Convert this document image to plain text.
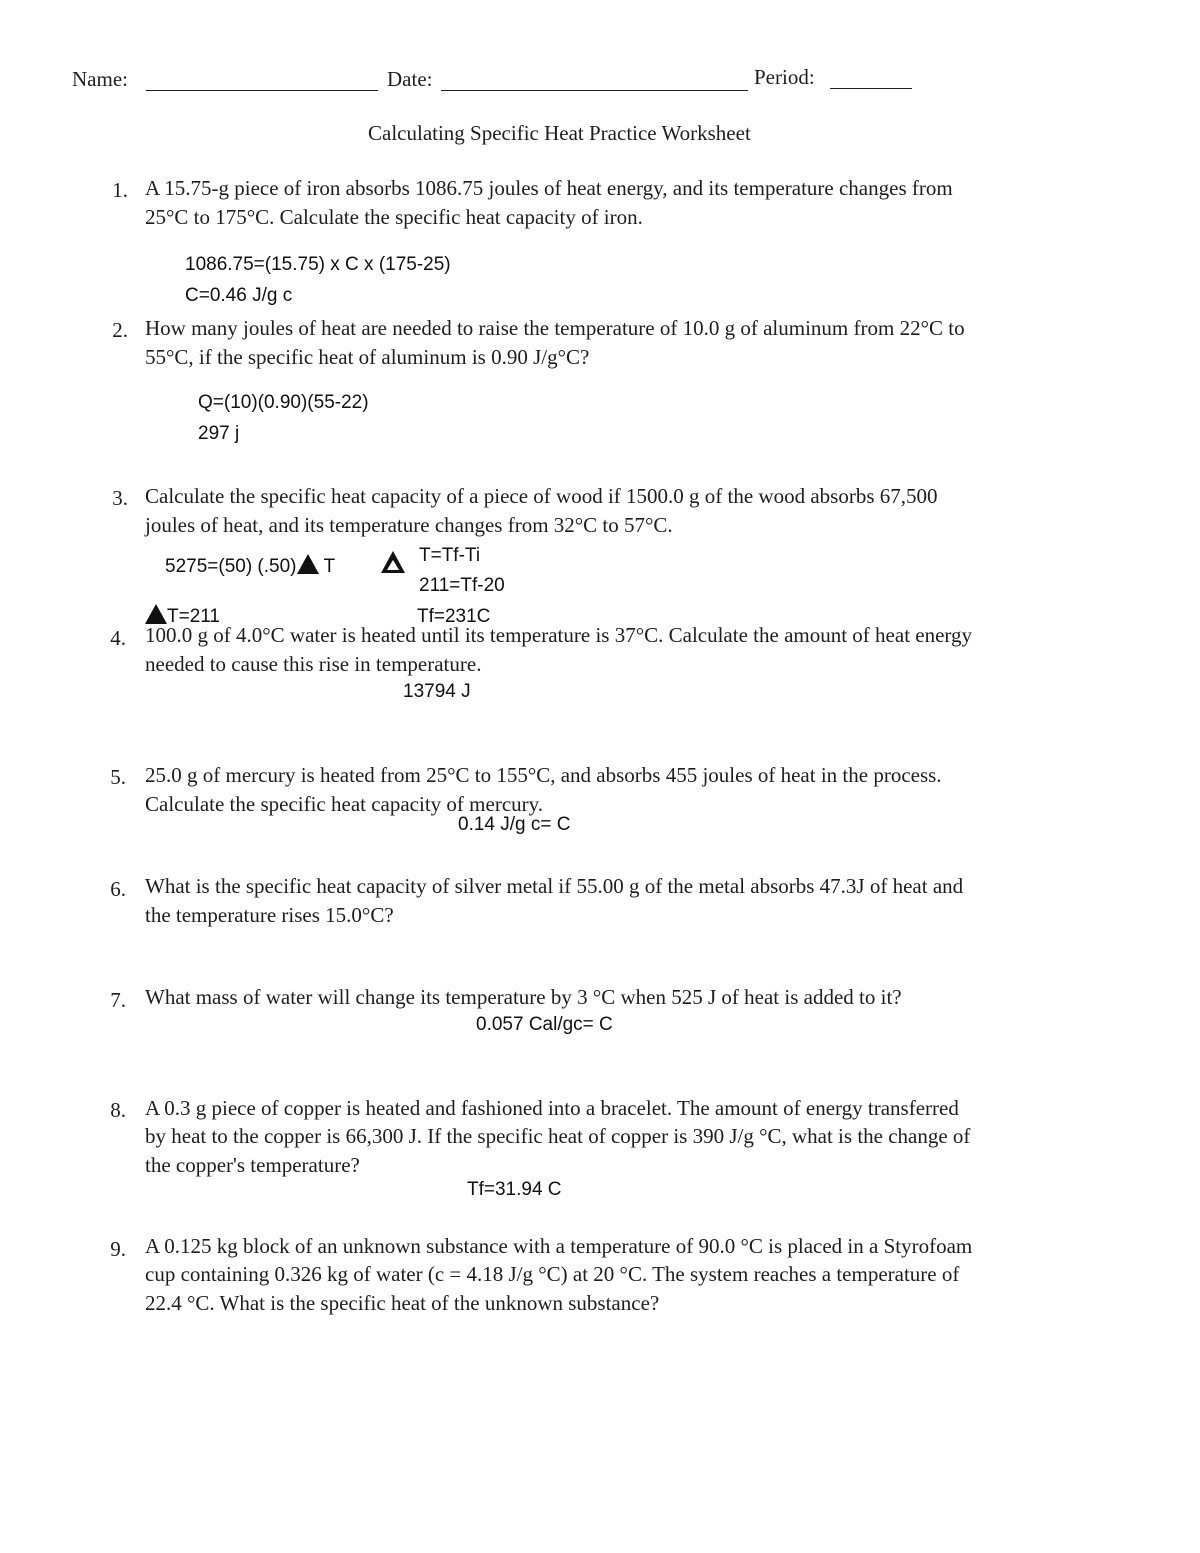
Name:	Date:	Period:
Calculating Specific Heat Practice Worksheet
1. A 15.75-g piece of iron absorbs 1086.75 joules of heat energy, and its temperature changes from
25°C to 175°C. Calculate the specific heat capacity of iron.
1086.75=(15.75) x C x (175-25)
C=0.46 J/g c
2. How many joules of heat are needed to raise the temperature of 10.0 g of aluminum from 22°C to
55°C, if the specific heat of aluminum is 0.90 J/g°C?
Q=(10)(0.90)(55-22)
297 j
3. Calculate the specific heat capacity of a piece of wood if 1500.0 g of the wood absorbs 67,500
joules of heat, and its temperature changes from 32°C to 57°C.
5275=(50) (.50) T
T=Tf-Ti
211=Tf-20
T=211	Tf=231C
4. 100.0 g of 4.0°C water is heated until its temperature is 37°C. Calculate the amount of heat energy
needed to cause this rise in temperature.
13794 J
5. 25.0 g of mercury is heated from 25°C to 155°C, and absorbs 455 joules of heat in the process.
Calculate the specific heat capacity of mercury.
0.14 J/g c= C
6. What is the specific heat capacity of silver metal if 55.00 g of the metal absorbs 47.3J of heat and
the temperature rises 15.0°C?
7. What mass of water will change its temperature by 3 °C when 525 J of heat is added to it?
0.057 Cal/gc= C
8. A 0.3 g piece of copper is heated and fashioned into a bracelet. The amount of energy transferred
by heat to the copper is 66,300 J. If the specific heat of copper is 390 J/g °C, what is the change of
the copper's temperature?
Tf=31.94 C
9. A 0.125 kg block of an unknown substance with a temperature of 90.0 °C is placed in a Styrofoam
cup containing 0.326 kg of water (c = 4.18 J/g °C) at 20 °C. The system reaches a temperature of
22.4 °C. What is the specific heat of the unknown substance?
